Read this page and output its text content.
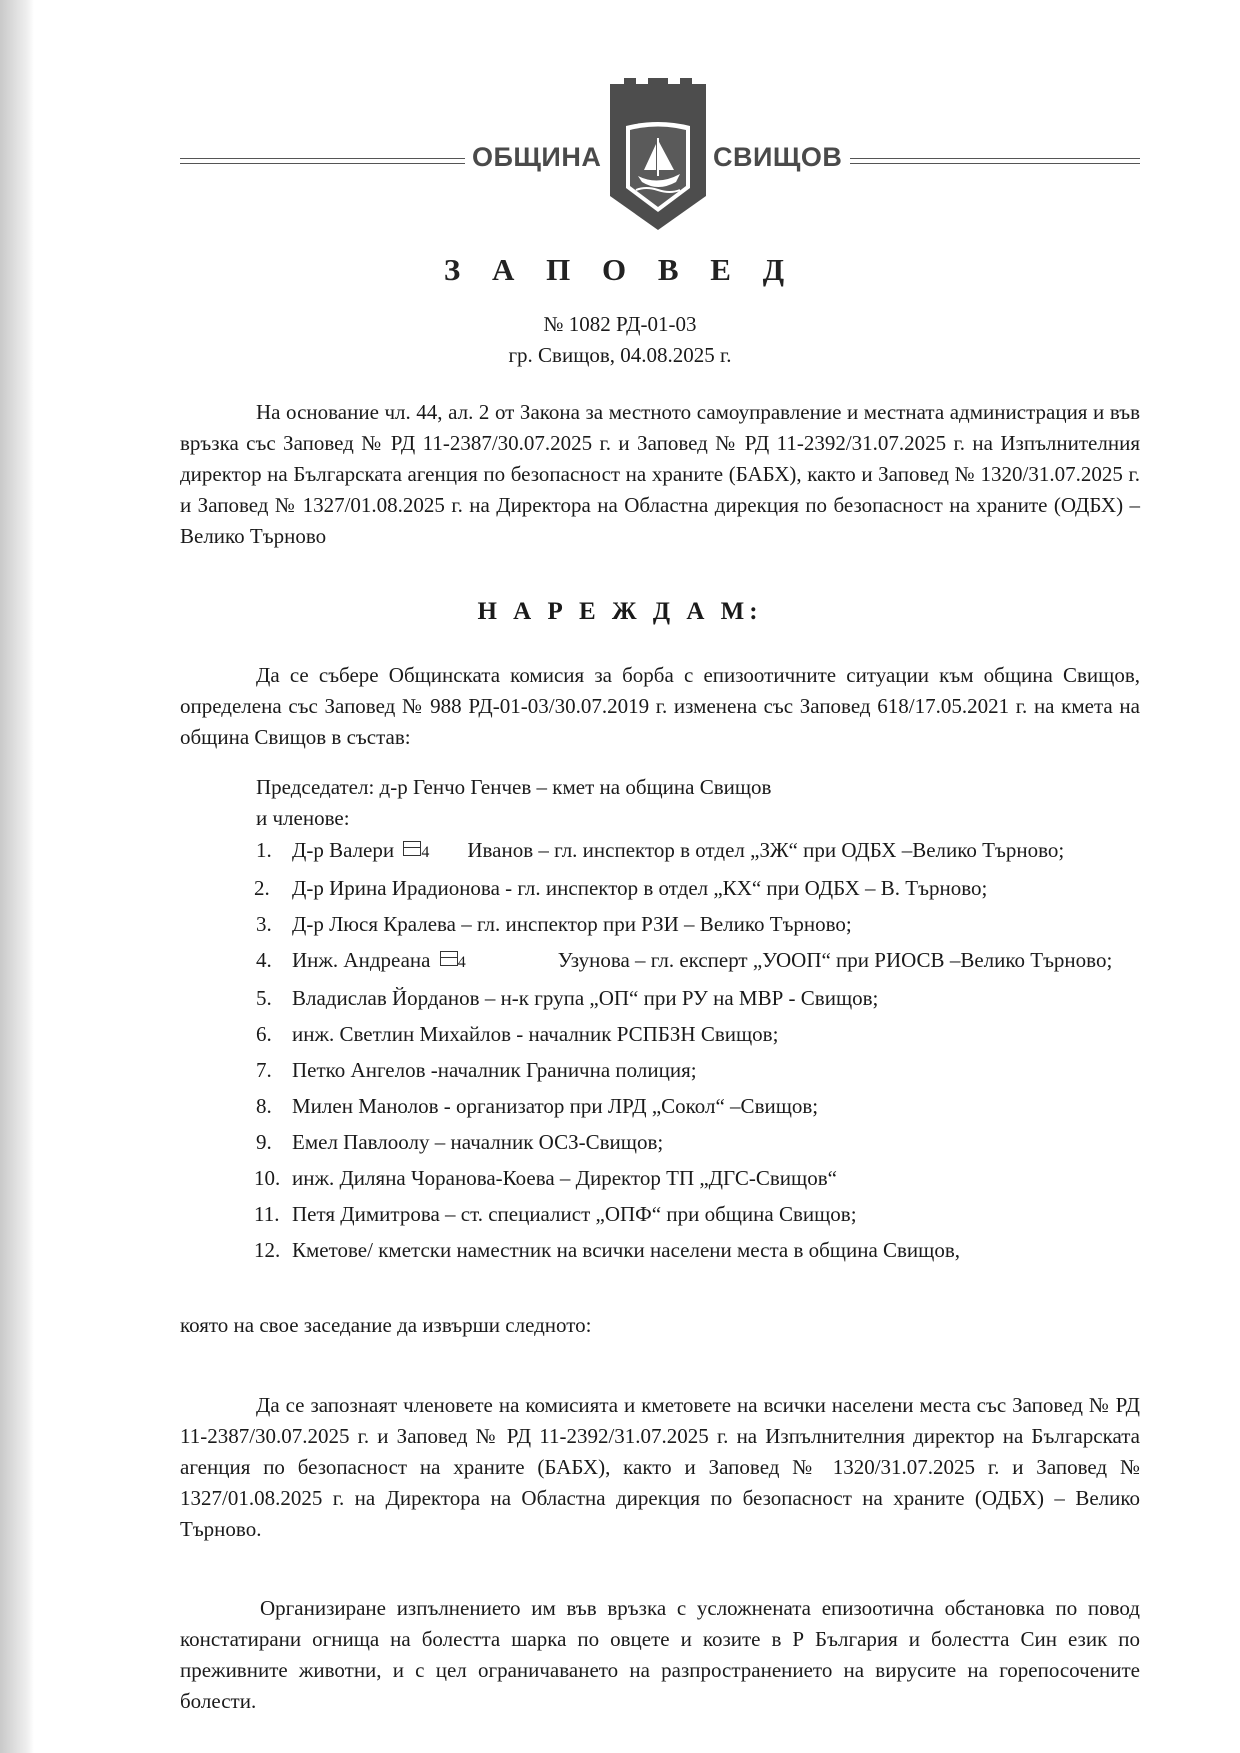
ОБЩИНА	СВИЩОВ
З А П О В Е Д
№ 1082 РД-01-03
гр. Свищов, 04.08.2025 г.
На основание чл. 44, ал. 2 от Закона за местното самоуправление и местната администрация и във връзка със Заповед № РД 11-2387/30.07.2025 г. и Заповед № РД 11-2392/31.07.2025 г. на Изпълнителния директор на Българската агенция по безопасност на храните (БАБХ), както и Заповед № 1320/31.07.2025 г. и Заповед № 1327/01.08.2025 г. на Директора на Областна дирекция по безопасност на храните (ОДБХ) – Велико Търново
Н А Р Е Ж Д А М:
Да се събере Общинската комисия за борба с епизоотичните ситуации към община Свищов, определена със Заповед № 988 РД-01-03/30.07.2019 г. изменена със Заповед 618/17.05.2021 г. на кмета на община Свищов в състав:
Председател: д-р Генчо Генчев – кмет на община Свищов
и членове:
1. Д-р Валери 4 Иванов – гл. инспектор в отдел „ЗЖ“ при ОДБХ –Велико Търново;
2. Д-р Ирина Ирадионова - гл. инспектор в отдел „КХ“ при ОДБХ – В. Търново;
3. Д-р Люся Кралева – гл. инспектор при РЗИ – Велико Търново;
4. Инж. Андреана 4	Узунова – гл. експерт „УООП“ при РИОСВ –Велико Търново;
5. Владислав Йорданов – н-к група „ОП“ при РУ на МВР - Свищов;
6. инж. Светлин Михайлов - началник РСПБЗН Свищов;
7. Петко Ангелов -началник Гранична полиция;
8. Милен Манолов - организатор при ЛРД „Сокол“ –Свищов;
9. Емел Павлоолу – началник ОСЗ-Свищов;
10. инж. Диляна Чоранова-Коева – Директор ТП „ДГС-Свищов“
11. Петя Димитрова – ст. специалист „ОПФ“ при община Свищов;
12. Кметове/ кметски наместник на всички населени места в община Свищов,
която на свое заседание да извърши следното:
Да се запознаят членовете на комисията и кметовете на всички населени места със Заповед № РД 11-2387/30.07.2025 г. и Заповед № РД 11-2392/31.07.2025 г. на Изпълнителния директор на Българската агенция по безопасност на храните (БАБХ), както и Заповед № 1320/31.07.2025 г. и Заповед № 1327/01.08.2025 г. на Директора на Областна дирекция по безопасност на храните (ОДБХ) – Велико Търново.
Организиране изпълнението им във връзка с усложнената епизоотична обстановка по повод констатирани огнища на болестта шарка по овцете и козите в Р България и болестта Син език по преживните животни, и с цел ограничаването на разпространението на вирусите на горепосочените болести.
